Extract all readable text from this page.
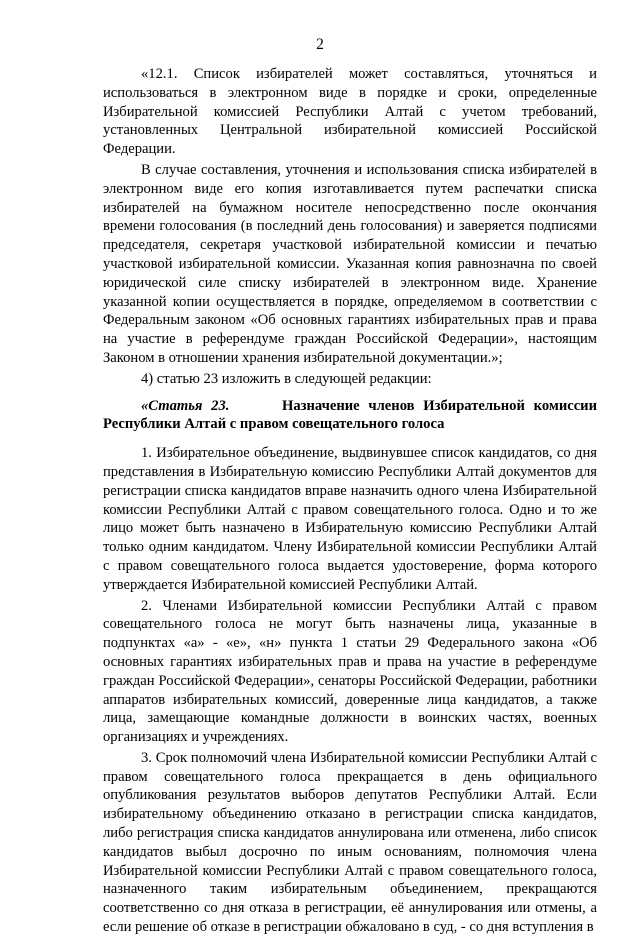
2

«12.1. Список избирателей может составляться, уточняться и использоваться в электронном виде в порядке и сроки, определенные Избирательной комиссией Республики Алтай с учетом требований, установленных Центральной избирательной комиссией Российской Федерации.

В случае составления, уточнения и использования списка избирателей в электронном виде его копия изготавливается путем распечатки списка избирателей на бумажном носителе непосредственно после окончания времени голосования (в последний день голосования) и заверяется подписями председателя, секретаря участковой избирательной комиссии и печатью участковой избирательной комиссии. Указанная копия равнозначна по своей юридической силе списку избирателей в электронном виде. Хранение указанной копии осуществляется в порядке, определяемом в соответствии с Федеральным законом «Об основных гарантиях избирательных прав и права на участие в референдуме граждан Российской Федерации», настоящим Законом в отношении хранения избирательной документации.»;

4) статью 23 изложить в следующей редакции:

«Статья 23.	Назначение членов Избирательной комиссии Республики Алтай с правом совещательного голоса

1. Избирательное объединение, выдвинувшее список кандидатов, со дня представления в Избирательную комиссию Республики Алтай документов для регистрации списка кандидатов вправе назначить одного члена Избирательной комиссии Республики Алтай с правом совещательного голоса. Одно и то же лицо может быть назначено в Избирательную комиссию Республики Алтай только одним кандидатом. Члену Избирательной комиссии Республики Алтай с правом совещательного голоса выдается удостоверение, форма которого утверждается Избирательной комиссией Республики Алтай.

2. Членами Избирательной комиссии Республики Алтай с правом совещательного голоса не могут быть назначены лица, указанные в подпунктах «а» - «е», «н» пункта 1 статьи 29 Федерального закона «Об основных гарантиях избирательных прав и права на участие в референдуме граждан Российской Федерации», сенаторы Российской Федерации, работники аппаратов избирательных комиссий, доверенные лица кандидатов, а также лица, замещающие командные должности в воинских частях, военных организациях и учреждениях.

3. Срок полномочий члена Избирательной комиссии Республики Алтай с правом совещательного голоса прекращается в день официального опубликования результатов выборов депутатов Республики Алтай. Если избирательному объединению отказано в регистрации списка кандидатов, либо регистрация списка кандидатов аннулирована или отменена, либо список кандидатов выбыл досрочно по иным основаниям, полномочия члена Избирательной комиссии Республики Алтай с правом совещательного голоса, назначенного таким избирательным объединением, прекращаются соответственно со дня отказа в регистрации, её аннулирования или отмены, а если решение об отказе в регистрации обжаловано в суд, - со дня вступления в
